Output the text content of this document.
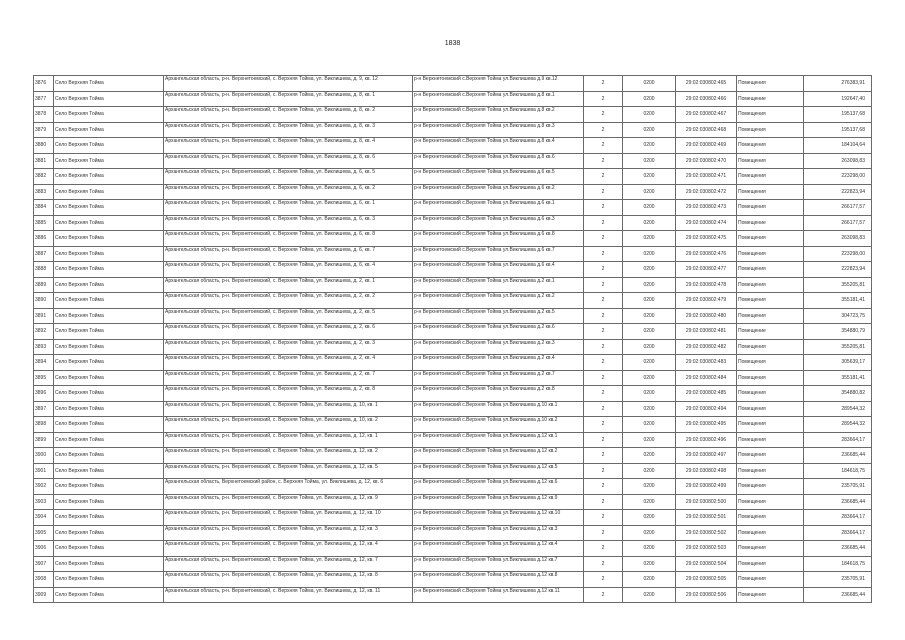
1838
3876	Село Верхняя Тойма	Архангельская область, р-н. Верхнетоемский, с. Верхняя Тойма, ул. Виклишева, д. 9, кв. 12	р-н Верхнетоемский с.Верхняя Тойма ул.Виклишева д.9 кв.12	2	0200	29:02:030802:465	Помещения	276383,91
3877	Село Верхняя Тойма	Архангельская область, р-н. Верхнетоемский, с. Верхняя Тойма, ул. Виклишева, д. 8, кв. 1	р-н Верхнетоемский с.Верхняя Тойма ул.Виклишева д.8 кв.1	2	0200	29:02:030802:466	Помещение	192647,40
3878	Село Верхняя Тойма	Архангельская область, р-н. Верхнетоемский, с. Верхняя Тойма, ул. Виклишева, д. 8, кв. 2	р-н Верхнетоемский с.Верхняя Тойма ул.Виклишева д.8 кв.2	2	0200	29:02:030802:467	Помещения	195137,68
3879	Село Верхняя Тойма	Архангельская область, р-н. Верхнетоемский, с. Верхняя Тойма, ул. Виклишева, д. 8, кв. 3	р-н Верхнетоемский с.Верхняя Тойма ул.Виклишева д.8 кв.3	2	0200	29:02:030802:468	Помещения	195137,68
3880	Село Верхняя Тойма	Архангельская область, р-н. Верхнетоемский, с. Верхняя Тойма, ул. Виклишева, д. 8, кв. 4	р-н Верхнетоемский с.Верхняя Тойма ул.Виклишева д.8 кв.4	2	0200	29:02:030802:469	Помещения	184104,64
3881	Село Верхняя Тойма	Архангельская область, р-н. Верхнетоемский, с. Верхняя Тойма, ул. Виклишева, д. 8, кв. 6	р-н Верхнетоемский с.Верхняя Тойма ул.Виклишева д.8 кв.6	2	0200	29:02:030802:470	Помещения	263098,83
3882	Село Верхняя Тойма	Архангельская область, р-н. Верхнетоемский, с. Верхняя Тойма, ул. Виклишева, д. 6, кв. 5	р-н Верхнетоемский с.Верхняя Тойма ул.Виклишева д.6 кв.5	2	0200	29:02:030802:471	Помещения	223298,00
3883	Село Верхняя Тойма	Архангельская область, р-н. Верхнетоемский, с. Верхняя Тойма, ул. Виклишева, д. 6, кв. 2	р-н Верхнетоемский с.Верхняя Тойма ул.Виклишева д.6 кв.2	2	0200	29:02:030802:472	Помещения	222823,94
3884	Село Верхняя Тойма	Архангельская область, р-н. Верхнетоемский, с. Верхняя Тойма, ул. Виклишева, д. 6, кв. 1	р-н Верхнетоемский с.Верхняя Тойма ул.Виклишева д.6 кв.1	2	0200	29:02:030802:473	Помещения	266177,57
3885	Село Верхняя Тойма	Архангельская область, р-н. Верхнетоемский, с. Верхняя Тойма, ул. Виклишева, д. 6, кв. 3	р-н Верхнетоемский с.Верхняя Тойма ул.Виклишева д.6 кв.3	2	0200	29:02:030802:474	Помещение	266177,57
3886	Село Верхняя Тойма	Архангельская область, р-н. Верхнетоемский, с. Верхняя Тойма, ул. Виклишева, д. 6, кв. 8	р-н Верхнетоемский с.Верхняя Тойма ул.Виклишева д.6 кв.8	2	0200	29:02:030802:475	Помещения	263098,83
3887	Село Верхняя Тойма	Архангельская область, р-н. Верхнетоемский, с. Верхняя Тойма, ул. Виклишева, д. 6, кв. 7	р-н Верхнетоемский с.Верхняя Тойма ул.Виклишева д.6 кв.7	2	0200	29:02:030802:476	Помещения	223298,00
3888	Село Верхняя Тойма	Архангельская область, р-н. Верхнетоемский, с. Верхняя Тойма, ул. Виклишева, д. 6, кв. 4	р-н Верхнетоемский с.Верхняя Тойма ул.Виклишева д.6 кв.4	2	0200	29:02:030802:477	Помещения	222823,94
3889	Село Верхняя Тойма	Архангельская область, р-н. Верхнетоемский, с. Верхняя Тойма, ул. Виклишева, д. 2, кв. 1	р-н Верхнетоемский с.Верхняя Тойма ул.Виклишева д.2 кв.1	2	0200	29:02:030802:478	Помещения	355205,81
3890	Село Верхняя Тойма	Архангельская область, р-н. Верхнетоемский, с. Верхняя Тойма, ул. Виклишева, д. 2, кв. 2	р-н Верхнетоемский с.Верхняя Тойма ул.Виклишева д.2 кв.2	2	0200	29:02:030802:479	Помещения	355181,41
3891	Село Верхняя Тойма	Архангельская область, р-н. Верхнетоемский, с. Верхняя Тойма, ул. Виклишева, д. 2, кв. 5	р-н Верхнетоемский с.Верхняя Тойма ул.Виклишева д.2 кв.5	2	0200	29:02:030802:480	Помещения	304723,75
3892	Село Верхняя Тойма	Архангельская область, р-н. Верхнетоемский, с. Верхняя Тойма, ул. Виклишева, д. 2, кв. 6	р-н Верхнетоемский с.Верхняя Тойма ул.Виклишева д.2 кв.6	2	0200	29:02:030802:481	Помещение	354880,79
3893	Село Верхняя Тойма	Архангельская область, р-н. Верхнетоемский, с. Верхняя Тойма, ул. Виклишева, д. 2, кв. 3	р-н Верхнетоемский с.Верхняя Тойма ул.Виклишева д.2 кв.3	2	0200	29:02:030802:482	Помещения	355205,81
3894	Село Верхняя Тойма	Архангельская область, р-н. Верхнетоемский, с. Верхняя Тойма, ул. Виклишева, д. 2, кв. 4	р-н Верхнетоемский с.Верхняя Тойма ул.Виклишева д.2 кв.4	2	0200	29:02:030802:483	Помещения	305639,17
3895	Село Верхняя Тойма	Архангельская область, р-н. Верхнетоемский, с. Верхняя Тойма, ул. Виклишева, д. 2, кв. 7	р-н Верхнетоемский с.Верхняя Тойма ул.Виклишева д.2 кв.7	2	0200	29:02:030802:484	Помещения	355181,41
3896	Село Верхняя Тойма	Архангельская область, р-н. Верхнетоемский, с. Верхняя Тойма, ул. Виклишева, д. 2, кв. 8	р-н Верхнетоемский с.Верхняя Тойма ул.Виклишева д.2 кв.8	2	0200	29:02:030802:485	Помещения	354880,82
3897	Село Верхняя Тойма	Архангельская область, р-н. Верхнетоемский, с. Верхняя Тойма, ул. Виклишева, д. 10, кв. 1	р-н Верхнетоемский с.Верхняя Тойма ул.Виклишева д.10 кв.1	2	0200	29:02:030802:494	Помещения	289544,32
3898	Село Верхняя Тойма	Архангельская область, р-н. Верхнетоемский, с. Верхняя Тойма, ул. Виклишева, д. 10, кв. 2	р-н Верхнетоемский с.Верхняя Тойма ул.Виклишева д.10 кв.2	2	0200	29:02:030802:495	Помещения	289544,32
3899	Село Верхняя Тойма	Архангельская область, р-н. Верхнетоемский, с. Верхняя Тойма, ул. Виклишева, д. 12, кв. 1	р-н Верхнетоемский с.Верхняя Тойма ул.Виклишева д.12 кв.1	2	0200	29:02:030802:496	Помещения	283664,17
3900	Село Верхняя Тойма	Архангельская область, р-н. Верхнетоемский, с. Верхняя Тойма, ул. Виклишева, д. 12, кв. 2	р-н Верхнетоемский с.Верхняя Тойма ул.Виклишева д.12 кв.2	2	0200	29:02:030802:497	Помещения	236685,44
3901	Село Верхняя Тойма	Архангельская область, р-н. Верхнетоемский, с. Верхняя Тойма, ул. Виклишева, д. 12, кв. 5	р-н Верхнетоемский с.Верхняя Тойма ул.Виклишева д.12 кв.5	2	0200	29:02:030802:498	Помещения	184618,75
3902	Село Верхняя Тойма	Архангельская область, Верхнетоемский район, с. Верхняя Тойма, ул. Виклишева, д. 12, кв. 6	р-н Верхнетоемский с.Верхняя Тойма ул.Виклишева д.12 кв.6	2	0200	29:02:030802:499	Помещения	235705,91
3903	Село Верхняя Тойма	Архангельская область, р-н. Верхнетоемский, с. Верхняя Тойма, ул. Виклишева, д. 12, кв. 9	р-н Верхнетоемский с.Верхняя Тойма ул.Виклишева д.12 кв.9	2	0200	29:02:030802:500	Помещения	236685,44
3904	Село Верхняя Тойма	Архангельская область, р-н. Верхнетоемский, с. Верхняя Тойма, ул. Виклишева, д. 12, кв. 10	р-н Верхнетоемский с.Верхняя Тойма ул.Виклишева д.12 кв.10	2	0200	29:02:030802:501	Помещения	283664,17
3905	Село Верхняя Тойма	Архангельская область, р-н. Верхнетоемский, с. Верхняя Тойма, ул. Виклишева, д. 12, кв. 3	р-н Верхнетоемский с.Верхняя Тойма ул.Виклишева д.12 кв.3	2	0200	29:02:030802:502	Помещения	283664,17
3906	Село Верхняя Тойма	Архангельская область, р-н. Верхнетоемский, с. Верхняя Тойма, ул. Виклишева, д. 12, кв. 4	р-н Верхнетоемский с.Верхняя Тойма ул.Виклишева д.12 кв.4	2	0200	29:02:030802:503	Помещения	236685,44
3907	Село Верхняя Тойма	Архангельская область, р-н. Верхнетоемский, с. Верхняя Тойма, ул. Виклишева, д. 12, кв. 7	р-н Верхнетоемский с.Верхняя Тойма ул.Виклишева д.12 кв.7	2	0200	29:02:030802:504	Помещения	184618,75
3908	Село Верхняя Тойма	Архангельская область, р-н. Верхнетоемский, с. Верхняя Тойма, ул. Виклишева, д. 12, кв. 8	р-н Верхнетоемский с.Верхняя Тойма ул.Виклишева д.12 кв.8	2	0200	29:02:030802:505	Помещения	235705,91
3909	Село Верхняя Тойма	Архангельская область, р-н. Верхнетоемский, с. Верхняя Тойма, ул. Виклишева, д. 12, кв. 11	р-н Верхнетоемский с.Верхняя Тойма ул.Виклишева д.12 кв.11	2	0200	29:02:030802:506	Помещения	236685,44
